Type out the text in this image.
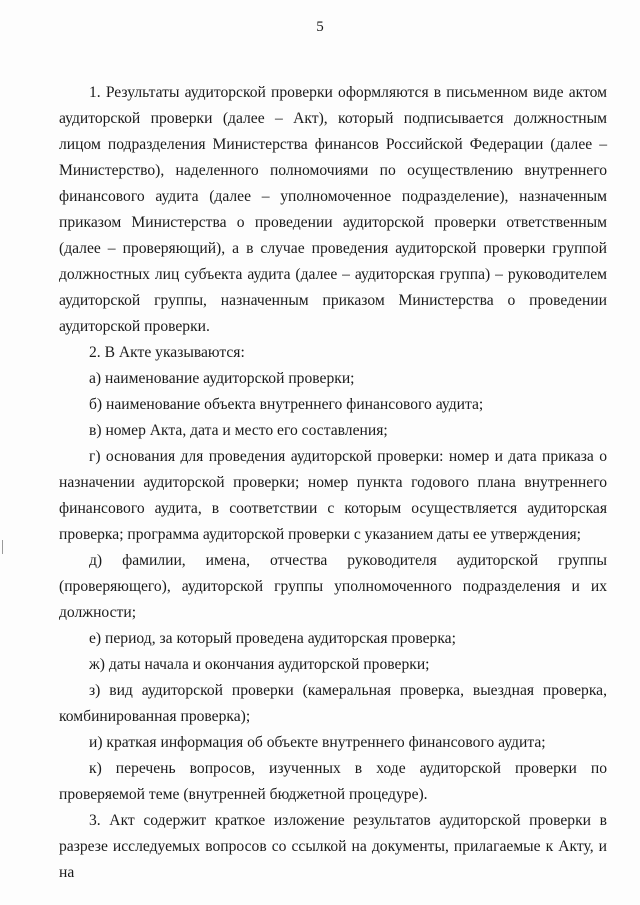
5

1. Результаты аудиторской проверки оформляются в письменном виде актом аудиторской проверки (далее – Акт), который подписывается должностным лицом подразделения Министерства финансов Российской Федерации (далее – Министерство), наделенного полномочиями по осуществлению внутреннего финансового аудита (далее – уполномоченное подразделение), назначенным приказом Министерства о проведении аудиторской проверки ответственным (далее – проверяющий), а в случае проведения аудиторской проверки группой должностных лиц субъекта аудита (далее – аудиторская группа) – руководителем аудиторской группы, назначенным приказом Министерства о проведении аудиторской проверки.

2. В Акте указываются:

а) наименование аудиторской проверки;

б) наименование объекта внутреннего финансового аудита;

в) номер Акта, дата и место его составления;

г) основания для проведения аудиторской проверки: номер и дата приказа о назначении аудиторской проверки; номер пункта годового плана внутреннего финансового аудита, в соответствии с которым осуществляется аудиторская проверка; программа аудиторской проверки с указанием даты ее утверждения;

д) фамилии, имена, отчества руководителя аудиторской группы (проверяющего), аудиторской группы уполномоченного подразделения и их должности;

е) период, за который проведена аудиторская проверка;

ж) даты начала и окончания аудиторской проверки;

з) вид аудиторской проверки (камеральная проверка, выездная проверка, комбинированная проверка);

и) краткая информация об объекте внутреннего финансового аудита;

к) перечень вопросов, изученных в ходе аудиторской проверки по проверяемой теме (внутренней бюджетной процедуре).

3. Акт содержит краткое изложение результатов аудиторской проверки в разрезе исследуемых вопросов со ссылкой на документы, прилагаемые к Акту, и на
